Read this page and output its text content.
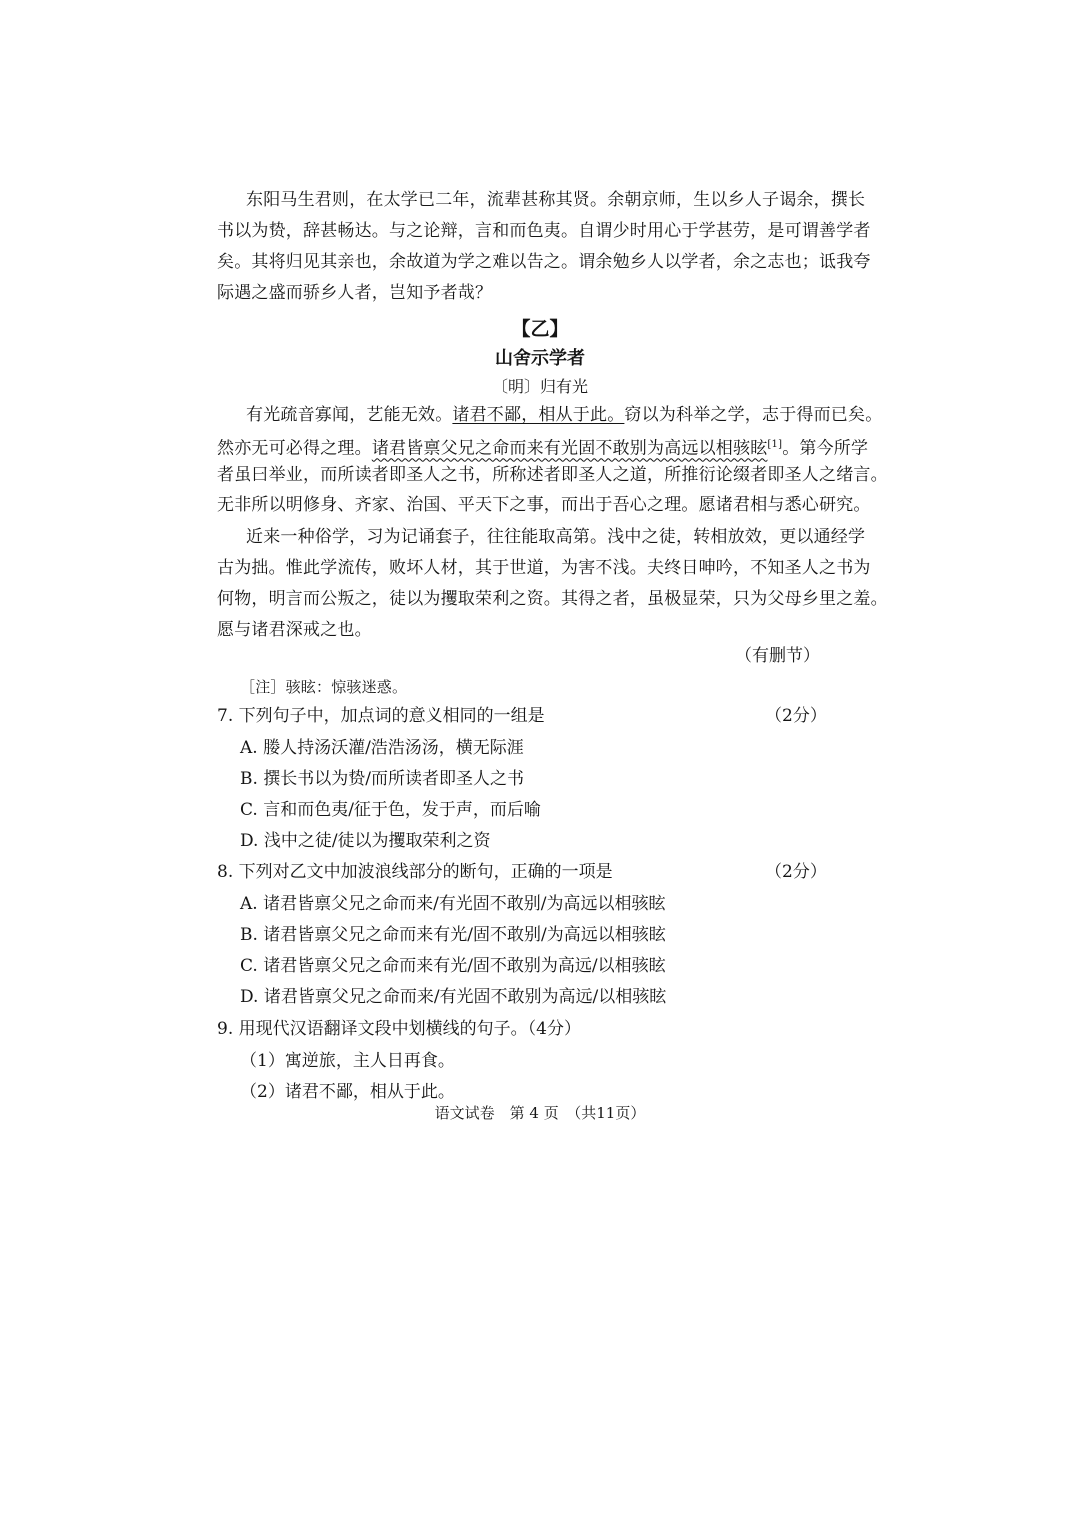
东阳马生君则，在太学已二年，流辈甚称其贤。余朝京师，生以乡人子谒余，撰长
书以为贽，辞甚畅达。与之论辩，言和而色夷。自谓少时用心于学甚劳，是可谓善学者
矣。其将归见其亲也，余故道为学之难以告之。谓余勉乡人以学者，余之志也；诋我夸
际遇之盛而骄乡人者，岂知予者哉？
【乙】
山舍示学者
〔明〕归有光
有光疏音寡闻，艺能无效。诸君不鄙，相从于此。窃以为科举之学，志于得而已矣。
然亦无可必得之理。诸君皆禀父兄之命而来有光固不敢别为高远以相骇眩[1]。第今所学
者虽曰举业，而所读者即圣人之书，所称述者即圣人之道，所推衍论缀者即圣人之绪言。
无非所以明修身、齐家、治国、平天下之事，而出于吾心之理。愿诸君相与悉心研究。
近来一种俗学，习为记诵套子，往往能取高第。浅中之徒，转相放效，更以通经学
古为拙。惟此学流传，败坏人材，其于世道，为害不浅。夫终日呻吟，不知圣人之书为
何物，明言而公叛之，徒以为攫取荣利之资。其得之者，虽极显荣，只为父母乡里之羞。
愿与诸君深戒之也。
（有删节）
［注］骇眩：惊骇迷惑。
7. 下列句子中，加点词的意义相同的一组是	（2分）
A. 媵人持汤沃灌/浩浩汤汤，横无际涯
B. 撰长书以为贽/而所读者即圣人之书
C. 言和而色夷/征于色，发于声，而后喻
D. 浅中之徒/徒以为攫取荣利之资
8. 下列对乙文中加波浪线部分的断句，正确的一项是	（2分）
A. 诸君皆禀父兄之命而来/有光固不敢别/为高远以相骇眩
B. 诸君皆禀父兄之命而来有光/固不敢别/为高远以相骇眩
C. 诸君皆禀父兄之命而来有光/固不敢别为高远/以相骇眩
D. 诸君皆禀父兄之命而来/有光固不敢别为高远/以相骇眩
9. 用现代汉语翻译文段中划横线的句子。（4分）
（1）寓逆旅，主人日再食。
（2）诸君不鄙，相从于此。
语文试卷　第 4 页　（共11页）
